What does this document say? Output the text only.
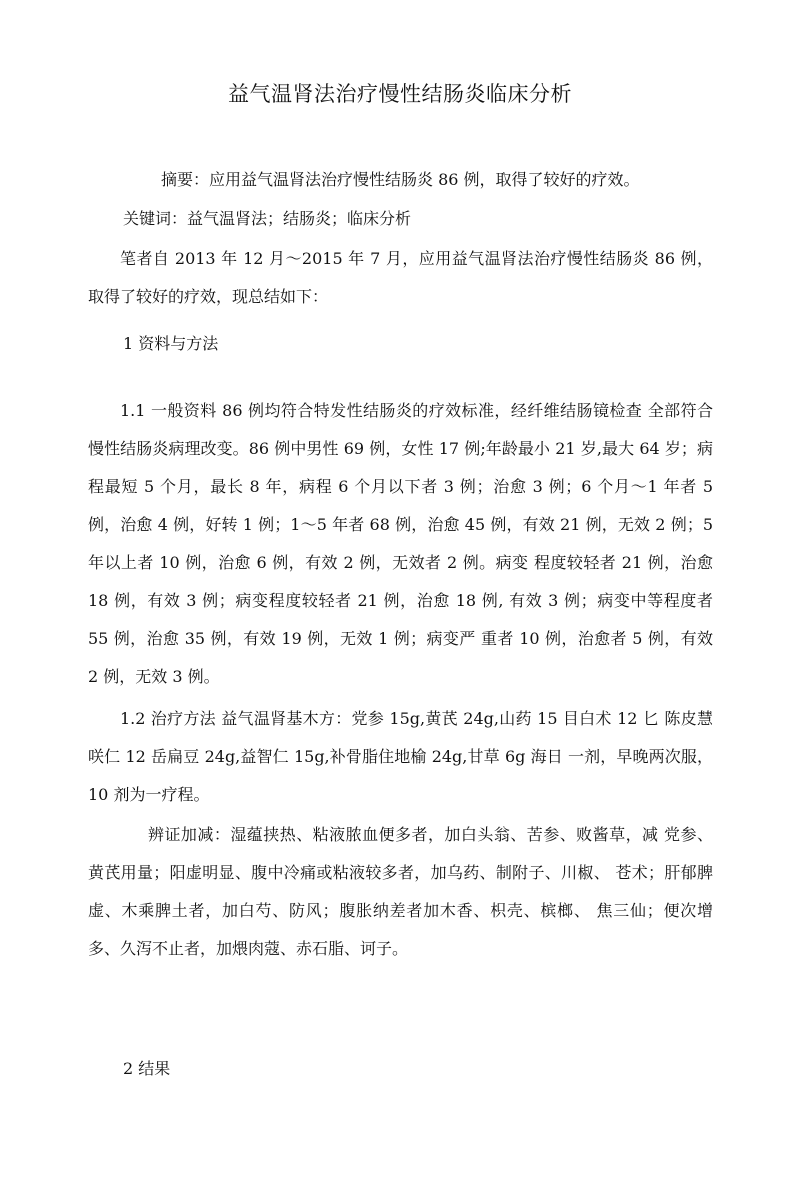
益气温肾法治疗慢性结肠炎临床分析
摘要：应用益气温肾法治疗慢性结肠炎 86 例，取得了较好的疗效。
关键词：益气温肾法；结肠炎；临床分析
笔者自 2013 年 12 月～2015 年 7 月，应用益气温肾法治疗慢性结肠炎 86 例，取得了较好的疗效，现总结如下：
1 资料与方法
1.1 一般资料 86 例均符合特发性结肠炎的疗效标准，经纤维结肠镜检查 全部符合慢性结肠炎病理改变。86 例中男性 69 例，女性 17 例;年龄最小 21 岁,最大 64 岁；病程最短 5 个月，最长 8 年，病程 6 个月以下者 3 例；治愈 3 例；6 个月～1 年者 5 例，治愈 4 例，好转 1 例；1～5 年者 68 例，治愈 45 例，有效 21 例，无效 2 例；5 年以上者 10 例，治愈 6 例，有效 2 例，无效者 2 例。病变 程度较轻者 21 例，治愈 18 例，有效 3 例；病变程度较轻者 21 例，治愈 18 例, 有效 3 例；病变中等程度者 55 例，治愈 35 例，有效 19 例，无效 1 例；病变严 重者 10 例，治愈者 5 例，有效 2 例，无效 3 例。
1.2 治疗方法 益气温肾基木方：党参 15g,黄芪 24g,山药 15 目白术 12 匕 陈皮慧 咲仁 12 岳扁豆 24g,益智仁 15g,补骨脂住地榆 24g,甘草 6g 海日 一剂，早晚两次服，10 剂为一疗程。
辨证加减：湿蕴挟热、粘液脓血便多者，加白头翁、苦参、败酱草，减 党参、黄芪用量；阳虚明显、腹中冷痛或粘液较多者，加乌药、制附子、川椒、 苍术；肝郁脾虚、木乘脾土者，加白芍、防风；腹胀纳差者加木香、枳壳、槟榔、 焦三仙；便次增多、久泻不止者，加煨肉蔻、赤石脂、诃子。
2 结果
